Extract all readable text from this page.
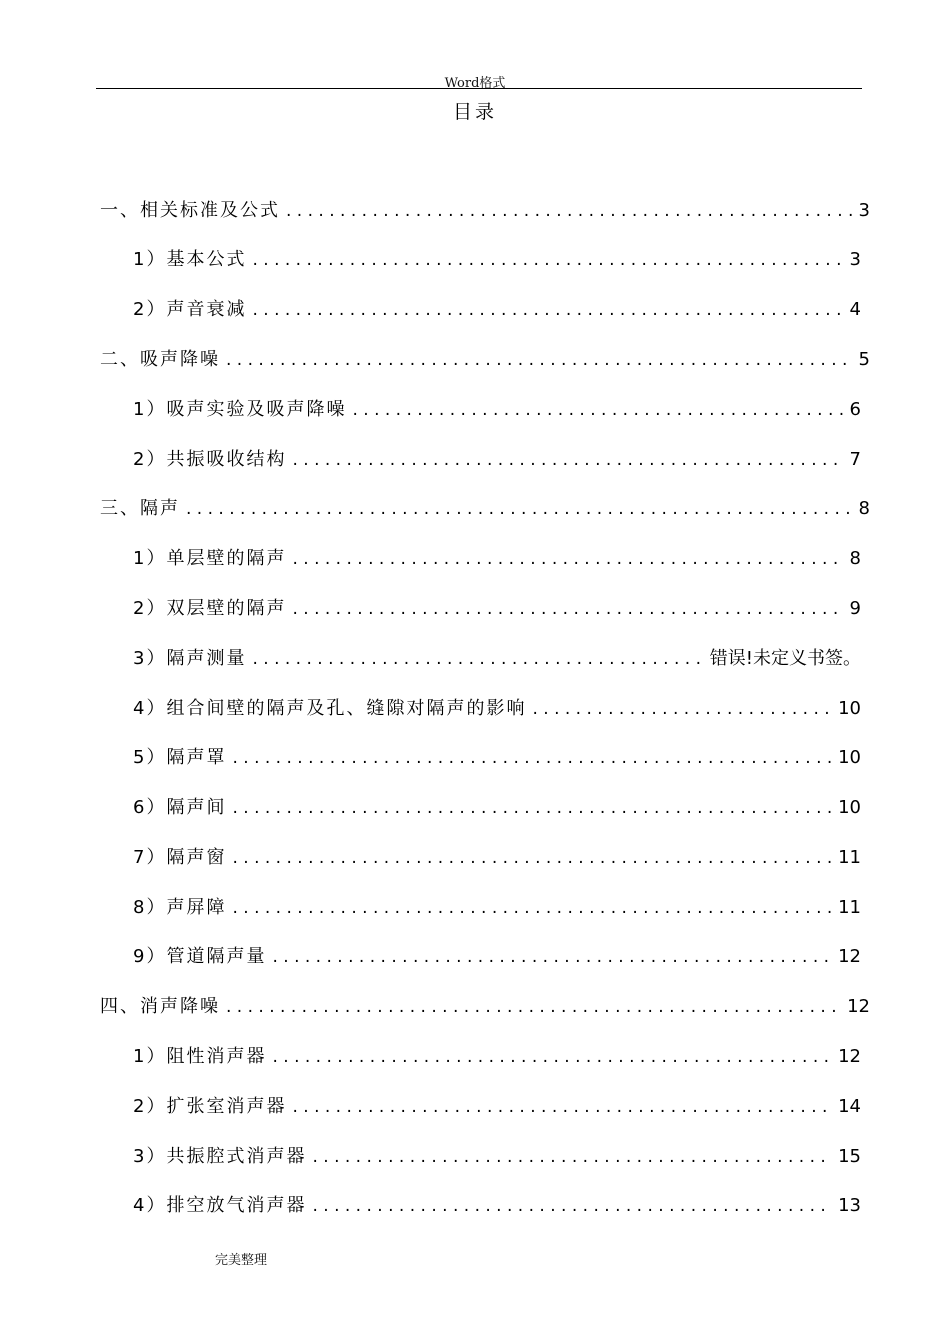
Word格式
目录
一、相关标准及公式 . . .	3
1）基本公式 . . .	3
2）声音衰减 . . .	4
二、吸声降噪 . . .	5
1）吸声实验及吸声降噪 . . .	6
2）共振吸收结构 . . .	7
三、隔声 . . .	8
1）单层壁的隔声 . . .	8
2）双层壁的隔声 . . .	9
3）隔声测量 . . .	错误!未定义书签。
4）组合间壁的隔声及孔、缝隙对隔声的影响 . . .	10
5）隔声罩 . . .	10
6）隔声间 . . .	10
7）隔声窗 . . .	11
8）声屏障 . . .	11
9）管道隔声量 . . .	12
四、消声降噪 . . .	12
1）阻性消声器 . . .	12
2）扩张室消声器 . . .	14
3）共振腔式消声器 . . .	15
4）排空放气消声器 . . .	13
完美整理
